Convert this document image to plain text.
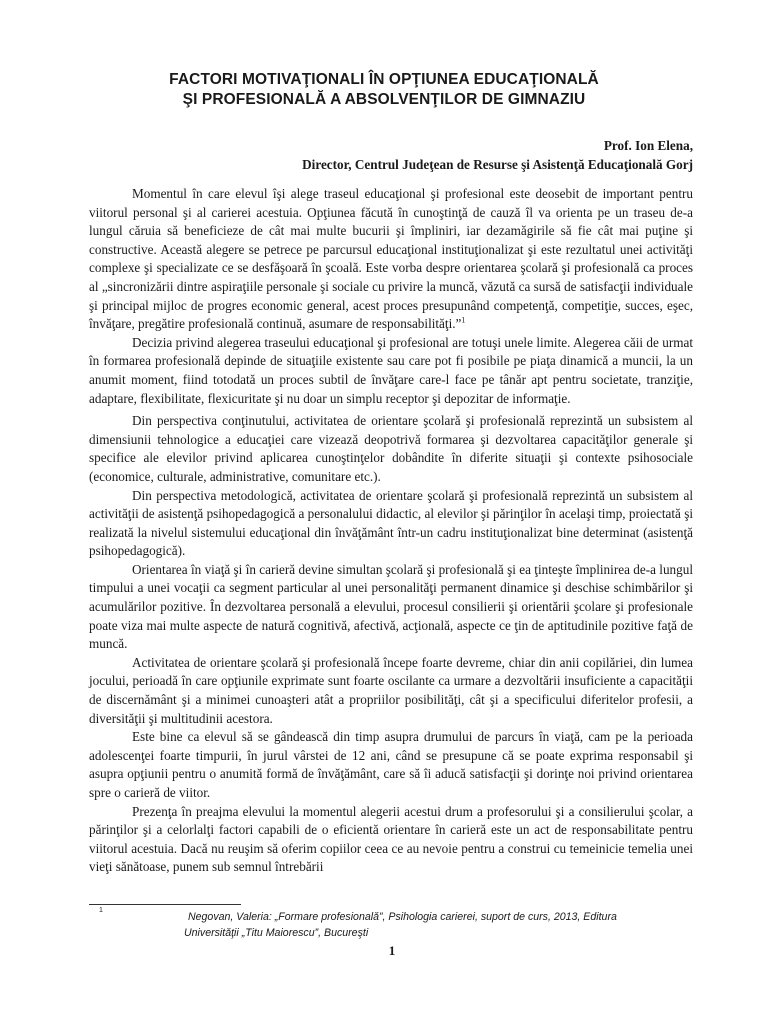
FACTORI MOTIVAŢIONALI ÎN OPŢIUNEA EDUCAŢIONALĂ
ŞI PROFESIONALĂ A ABSOLVENŢILOR DE GIMNAZIU
Prof. Ion Elena,
Director, Centrul Judeţean de Resurse şi Asistenţă Educaţională Gorj

Momentul în care elevul îşi alege traseul educaţional şi profesional este deosebit de important pentru viitorul personal şi al carierei acestuia. Opţiunea făcută în cunoştinţă de cauză îl va orienta pe un traseu de-a lungul căruia să beneficieze de cât mai multe bucurii şi împliniri, iar dezamăgirile să fie cât mai puţine şi constructive. Această alegere se petrece pe parcursul educaţional instituţionalizat şi este rezultatul unei activităţi complexe şi specializate ce se desfăşoară în şcoală. Este vorba despre orientarea şcolară şi profesională ca proces al „sincronizării dintre aspiraţiile personale şi sociale cu privire la muncă, văzută ca sursă de satisfacţii individuale şi principal mijloc de progres economic general, acest proces presupunând competenţă, competiţie, succes, eşec, învăţare, pregătire profesională continuă, asumare de responsabilităţi.”$^1$

Decizia privind alegerea traseului educaţional şi profesional are totuşi unele limite. Alegerea căii de urmat în formarea profesională depinde de situaţiile existente sau care pot fi posibile pe piaţa dinamică a muncii, la un anumit moment, fiind totodată un proces subtil de învăţare care-l face pe tânăr apt pentru societate, tranziţie, adaptare, flexibilitate, flexicuritate şi nu doar un simplu receptor şi depozitar de informaţie.

Din perspectiva conţinutului, activitatea de orientare şcolară şi profesională reprezintă un subsistem al dimensiunii tehnologice a educaţiei care vizează deopotrivă formarea şi dezvoltarea capacităţilor generale şi specifice ale elevilor privind aplicarea cunoştinţelor dobândite în diferite situaţii şi contexte psihosociale (economice, culturale, administrative, comunitare etc.).

Din perspectiva metodologică, activitatea de orientare şcolară şi profesională reprezintă un subsistem al activităţii de asistenţă psihopedagogică a personalului didactic, al elevilor şi părinţilor în acelaşi timp, proiectată şi realizată la nivelul sistemului educaţional din învăţământ într-un cadru instituţionalizat bine determinat (asistenţă psihopedagogică).

Orientarea în viaţă şi în carieră devine simultan şcolară şi profesională şi ea ţinteşte împlinirea de-a lungul timpului a unei vocaţii ca segment particular al unei personalităţi permanent dinamice şi deschise schimbărilor şi acumulărilor pozitive. În dezvoltarea personală a elevului, procesul consilierii şi orientării şcolare şi profesionale poate viza mai multe aspecte de natură cognitivă, afectivă, acţională, aspecte ce ţin de aptitudinile pozitive faţă de muncă.

Activitatea de orientare şcolară şi profesională începe foarte devreme, chiar din anii copilăriei, din lumea jocului, perioadă în care opţiunile exprimate sunt foarte oscilante ca urmare a dezvoltării insuficiente a capacităţii de discernământ şi a minimei cunoaşteri atât a propriilor posibilităţi, cât şi a specificului diferitelor profesii, a diversităţii şi multitudinii acestora.

Este bine ca elevul să se gândească din timp asupra drumului de parcurs în viaţă, cam pe la perioada adolescenţei foarte timpurii, în jurul vârstei de 12 ani, când se presupune că se poate exprima responsabil şi asupra opţiunii pentru o anumită formă de învăţământ, care să îi aducă satisfacţii şi dorinţe noi privind orientarea spre o carieră de viitor.

Prezenţa în preajma elevului la momentul alegerii acestui drum a profesorului şi a consilierului şcolar, a părinţilor şi a celorlalţi factori capabili de o eficientă orientare în carieră este un act de responsabilitate pentru viitorul acestuia. Dacă nu reuşim să oferim copiilor ceea ce au nevoie pentru a construi cu temeinicie temelia unei vieţi sănătoase, punem sub semnul întrebării

1
Negovan, Valeria: „Formare profesională”, Psihologia carierei, suport de curs, 2013, Editura
Universităţii „Titu Maiorescu”, Bucureşti
1
